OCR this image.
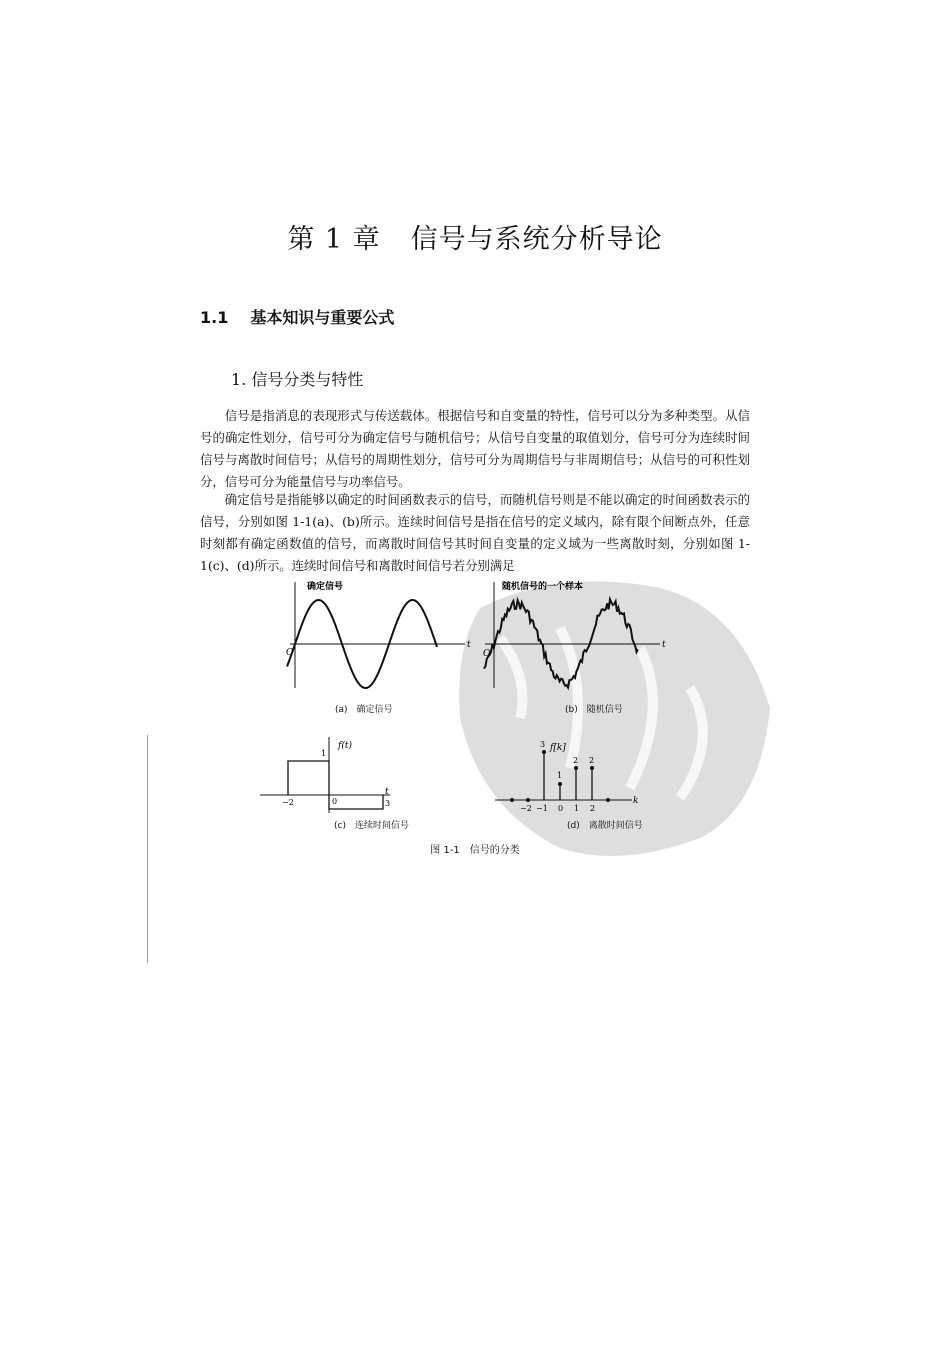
第 1 章 信号与系统分析导论
1.1 基本知识与重要公式
1. 信号分类与特性
信号是指消息的表现形式与传送载体。根据信号和自变量的特性，信号可以分为多种类型。从信号的确定性划分，信号可分为确定信号与随机信号；从信号自变量的取值划分，信号可分为连续时间信号与离散时间信号；从信号的周期性划分，信号可分为周期信号与非周期信号；从信号的可积性划分，信号可分为能量信号与功率信号。
确定信号是指能够以确定的时间函数表示的信号，而随机信号则是不能以确定的时间函数表示的信号，分别如图 1-1(a)、(b)所示。连续时间信号是指在信号的定义域内，除有限个间断点外，任意时刻都有确定函数值的信号，而离散时间信号其时间自变量的定义域为一些离散时刻，分别如图 1-1(c)、(d)所示。连续时间信号和离散时间信号若分别满足
O
t
确定信号
(a)　确定信号
O
t
随机信号的一个样本
(b)　随机信号
f(t)
1
−2	0	3
t
(c)　连续时间信号
f[k]
3
1
2 2
−2 −1 0 1 2
k
(d)　离散时间信号
图 1-1　信号的分类
